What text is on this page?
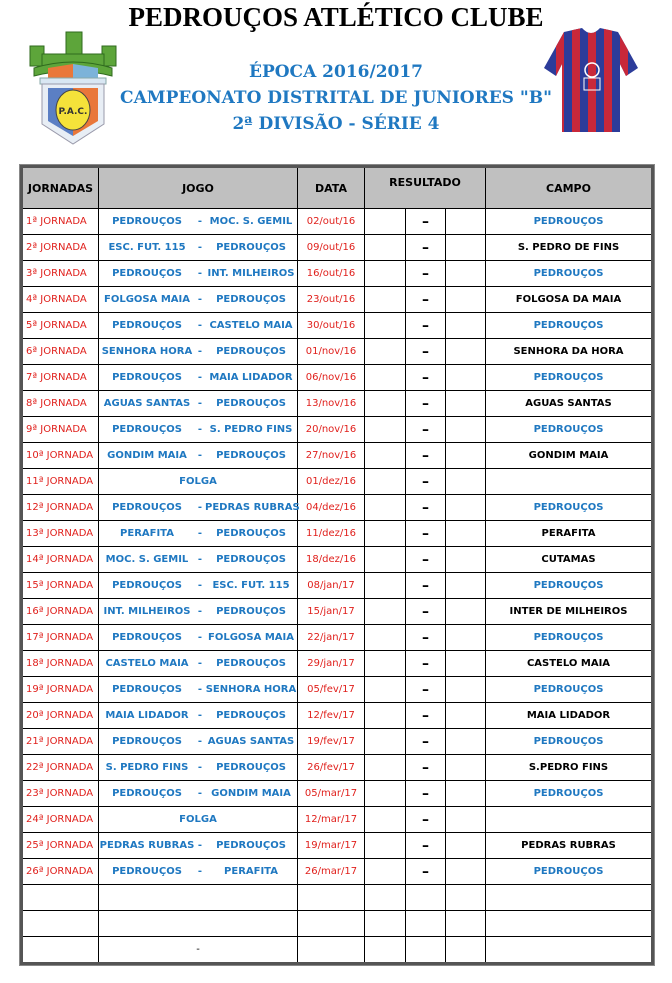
PEDROUÇOS ATLÉTICO CLUBE
P.A.C.
ÉPOCA 2016/2017
CAMPEONATO DISTRITAL DE JUNIORES "B"
2ª DIVISÃO - SÉRIE 4
JORNADAS	JOGO	DATA	RESULTADO			CAMPO
1ª JORNADA	PEDROUÇOS - MOC. S. GEMIL	02/out/16		–		PEDROUÇOS
2ª JORNADA	ESC. FUT. 115 - PEDROUÇOS	09/out/16		–		S. PEDRO DE FINS
3ª JORNADA	PEDROUÇOS - INT. MILHEIROS	16/out/16		–		PEDROUÇOS
4ª JORNADA	FOLGOSA MAIA - PEDROUÇOS	23/out/16		–		FOLGOSA DA MAIA
5ª JORNADA	PEDROUÇOS - CASTELO MAIA	30/out/16		–		PEDROUÇOS
6ª JORNADA	SENHORA HORA - PEDROUÇOS	01/nov/16		–		SENHORA DA HORA
7ª JORNADA	PEDROUÇOS - MAIA LIDADOR	06/nov/16		–		PEDROUÇOS
8ª JORNADA	AGUAS SANTAS - PEDROUÇOS	13/nov/16		–		AGUAS SANTAS
9ª JORNADA	PEDROUÇOS - S. PEDRO FINS	20/nov/16		–		PEDROUÇOS
10ª JORNADA	GONDIM MAIA - PEDROUÇOS	27/nov/16		–		GONDIM MAIA
11ª JORNADA	FOLGA	01/dez/16		–		
12ª JORNADA	PEDROUÇOS - PEDRAS RUBRAS	04/dez/16		–		PEDROUÇOS
13ª JORNADA	PERAFITA - PEDROUÇOS	11/dez/16		–		PERAFITA
14ª JORNADA	MOC. S. GEMIL - PEDROUÇOS	18/dez/16		–		CUTAMAS
15ª JORNADA	PEDROUÇOS - ESC. FUT. 115	08/jan/17		–		PEDROUÇOS
16ª JORNADA	INT. MILHEIROS - PEDROUÇOS	15/jan/17		–		INTER DE MILHEIROS
17ª JORNADA	PEDROUÇOS - FOLGOSA MAIA	22/jan/17		–		PEDROUÇOS
18ª JORNADA	CASTELO MAIA - PEDROUÇOS	29/jan/17		–		CASTELO MAIA
19ª JORNADA	PEDROUÇOS - SENHORA HORA	05/fev/17		–		PEDROUÇOS
20ª JORNADA	MAIA LIDADOR - PEDROUÇOS	12/fev/17		–		MAIA LIDADOR
21ª JORNADA	PEDROUÇOS - AGUAS SANTAS	19/fev/17		–		PEDROUÇOS
22ª JORNADA	S. PEDRO FINS - PEDROUÇOS	26/fev/17		–		S.PEDRO FINS
23ª JORNADA	PEDROUÇOS - GONDIM MAIA	05/mar/17		–		PEDROUÇOS
24ª JORNADA	FOLGA	12/mar/17		–		
25ª JORNADA	PEDRAS RUBRAS - PEDROUÇOS	19/mar/17		–		PEDRAS RUBRAS
26ª JORNADA	PEDROUÇOS - PERAFITA	26/mar/17		–		PEDROUÇOS

	-					
